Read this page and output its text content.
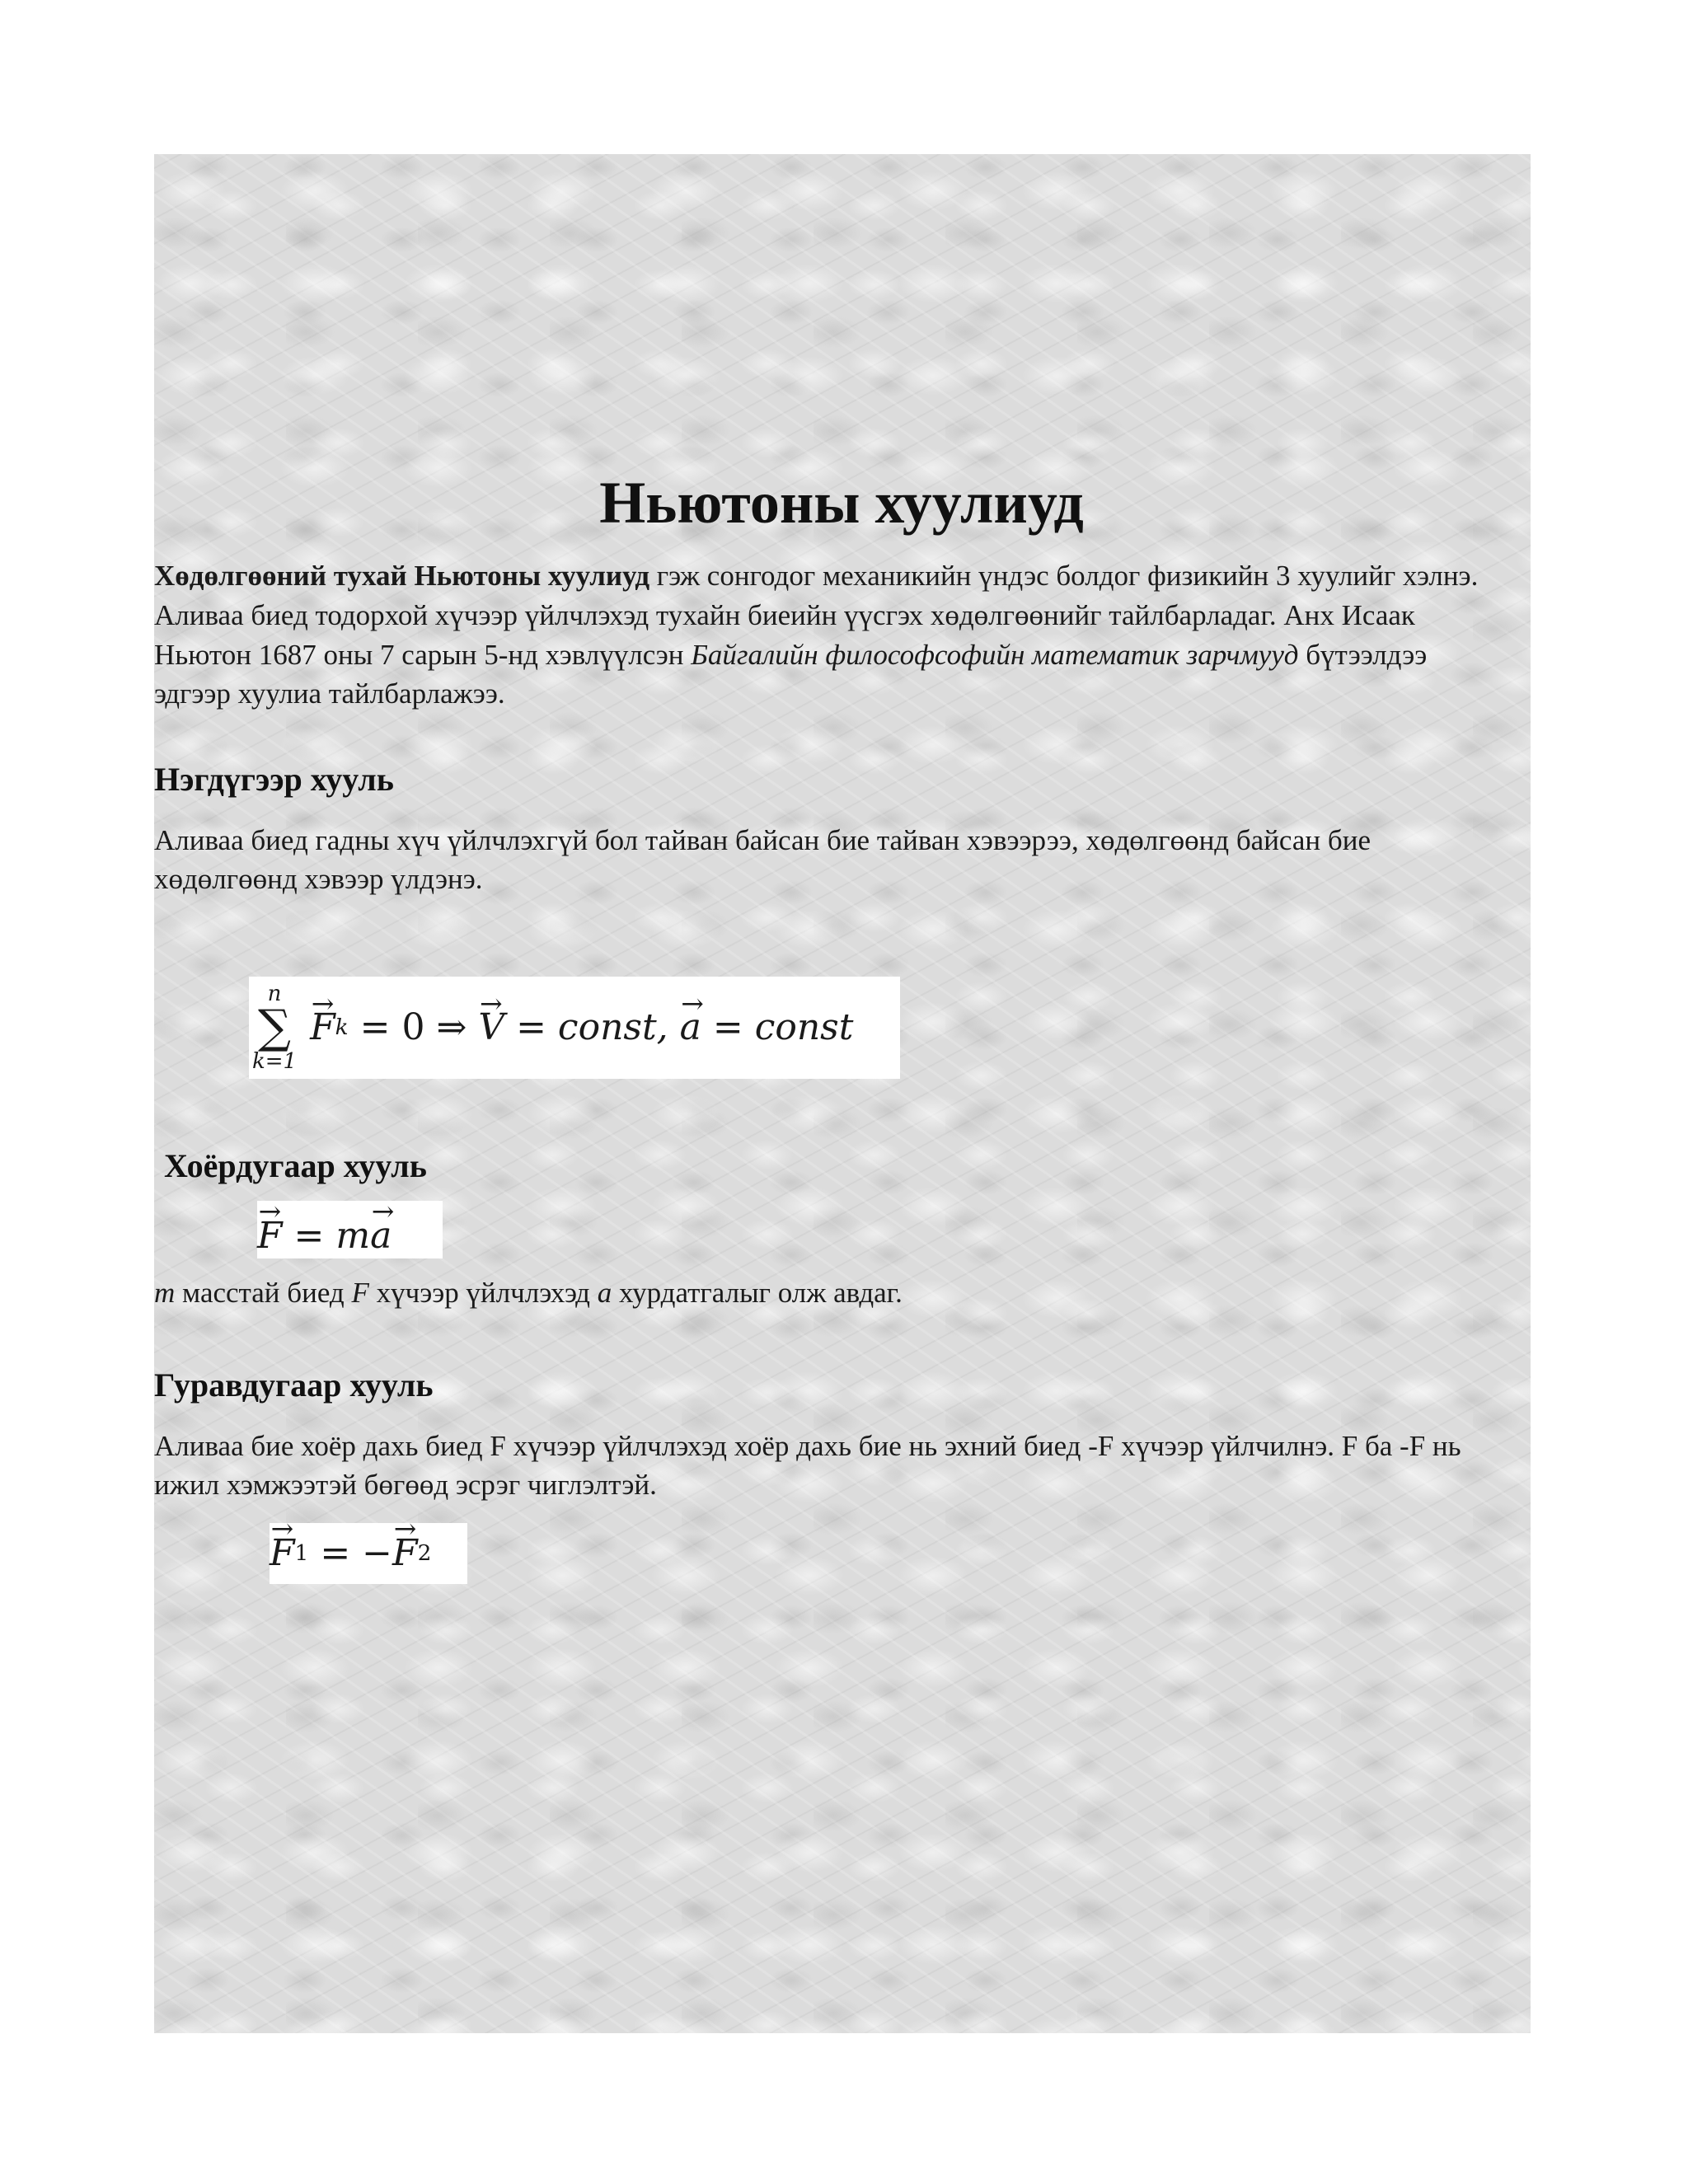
Ньютоны хуулиуд

Хөдөлгөөний тухай Ньютоны хуулиуд гэж сонгодог механикийн үндэс болдог физикийн 3 хуулийг хэлнэ. Аливаа биед тодорхой хүчээр үйлчлэхэд тухайн биеийн үүсгэх хөдөлгөөнийг тайлбарладаг. Анх Исаак Ньютон 1687 оны 7 сарын 5-нд хэвлүүлсэн Байгалийн философсофийн математик зарчмууд бүтээлдээ эдгээр хуулиа тайлбарлажээ.

Нэгдүгээр хууль

Аливаа биед гадны хүч үйлчлэхгүй бол тайван байсан бие тайван хэвээрээ, хөдөлгөөнд байсан бие хөдөлгөөнд хэвээр үлдэнэ.

n
∑
k=1
→ F k = 0 ⇒ → V = const, → a = const
Хоёрдугаар хууль
→ F = m → a

m масстай биед F хүчээр үйлчлэхэд a хурдатгалыг олж авдаг.

Гуравдугаар хууль

Аливаа бие хоёр дахь биед F хүчээр үйлчлэхэд хоёр дахь бие нь эхний биед -F хүчээр үйлчилнэ. F ба -F нь ижил хэмжээтэй бөгөөд эсрэг чиглэлтэй.

→ F 1 = − → F 2
